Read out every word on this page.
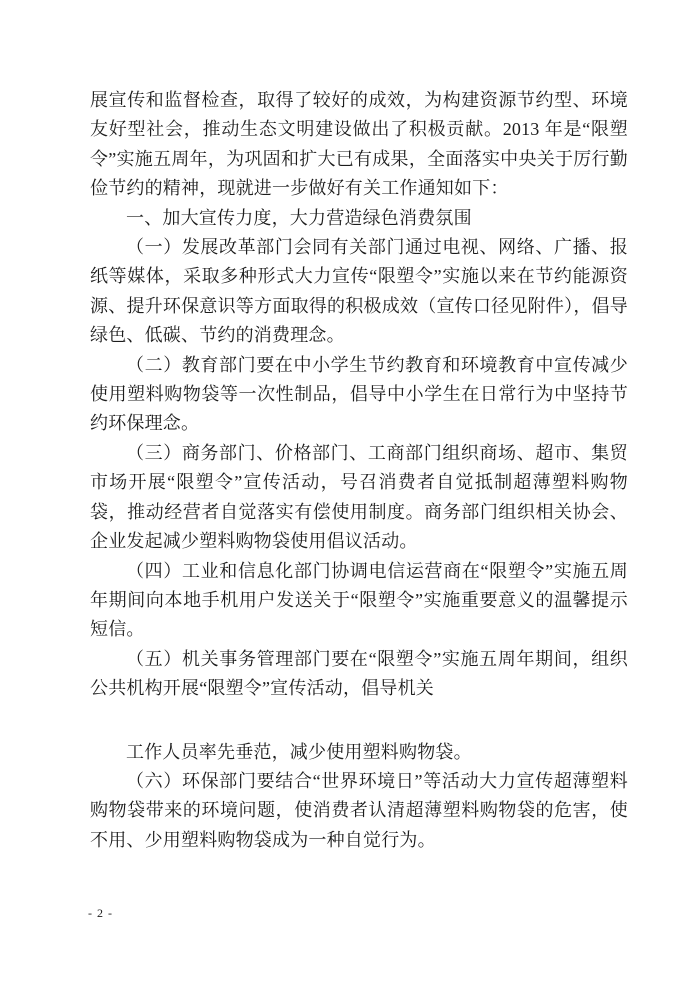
展宣传和监督检查，取得了较好的成效，为构建资源节约型、环境友好型社会，推动生态文明建设做出了积极贡献。2013 年是“限塑令”实施五周年，为巩固和扩大已有成果，全面落实中央关于厉行勤俭节约的精神，现就进一步做好有关工作通知如下：

一、加大宣传力度，大力营造绿色消费氛围

（一）发展改革部门会同有关部门通过电视、网络、广播、报纸等媒体，采取多种形式大力宣传“限塑令”实施以来在节约能源资源、提升环保意识等方面取得的积极成效（宣传口径见附件），倡导绿色、低碳、节约的消费理念。

（二）教育部门要在中小学生节约教育和环境教育中宣传减少使用塑料购物袋等一次性制品，倡导中小学生在日常行为中坚持节约环保理念。

（三）商务部门、价格部门、工商部门组织商场、超市、集贸市场开展“限塑令”宣传活动，号召消费者自觉抵制超薄塑料购物袋，推动经营者自觉落实有偿使用制度。商务部门组织相关协会、企业发起减少塑料购物袋使用倡议活动。

（四）工业和信息化部门协调电信运营商在“限塑令”实施五周年期间向本地手机用户发送关于“限塑令”实施重要意义的温馨提示短信。

（五）机关事务管理部门要在“限塑令”实施五周年期间，组织公共机构开展“限塑令”宣传活动，倡导机关

工作人员率先垂范，减少使用塑料购物袋。

（六）环保部门要结合“世界环境日”等活动大力宣传超薄塑料购物袋带来的环境问题，使消费者认清超薄塑料购物袋的危害，使不用、少用塑料购物袋成为一种自觉行为。

- 2 -
